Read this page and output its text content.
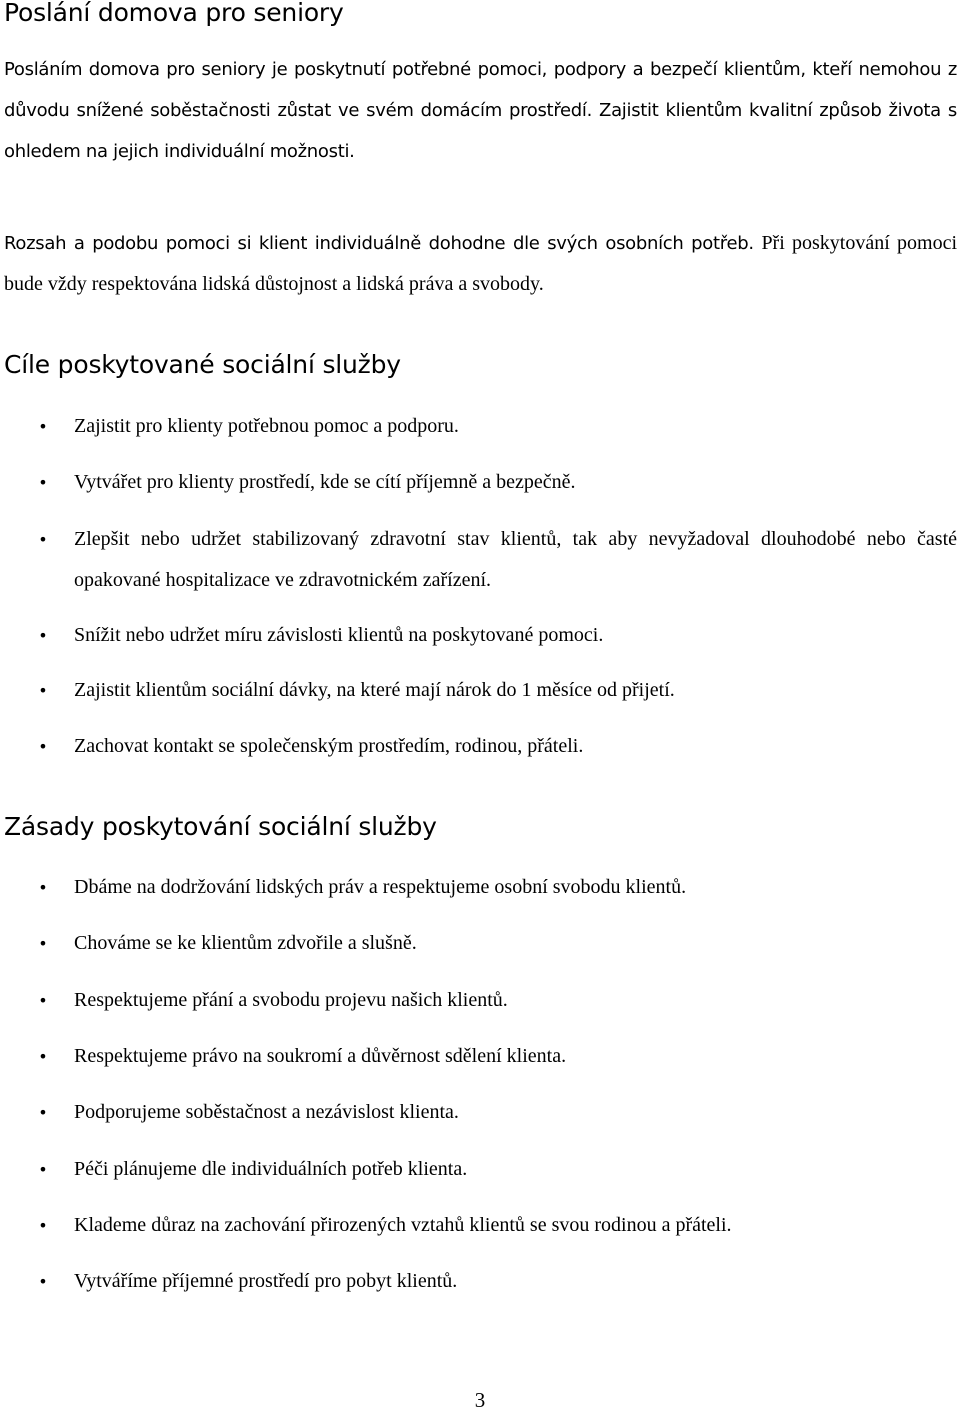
Poslání domova pro seniory

Posláním domova pro seniory je poskytnutí potřebné pomoci, podpory a bezpečí klientům, kteří nemohou z důvodu snížené soběstačnosti zůstat ve svém domácím prostředí. Zajistit klientům kvalitní způsob života s ohledem na jejich individuální možnosti.

Rozsah a podobu pomoci si klient individuálně dohodne dle svých osobních potřeb. Při poskytování pomoci bude vždy respektována lidská důstojnost a lidská práva a svobody.

Cíle poskytované sociální služby
• Zajistit pro klienty potřebnou pomoc a podporu.
• Vytvářet pro klienty prostředí, kde se cítí příjemně a bezpečně.
• Zlepšit nebo udržet stabilizovaný zdravotní stav klientů, tak aby nevyžadoval dlouhodobé nebo časté opakované hospitalizace ve zdravotnickém zařízení.
• Snížit nebo udržet míru závislosti klientů na poskytované pomoci.
• Zajistit klientům sociální dávky, na které mají nárok do 1 měsíce od přijetí.
• Zachovat kontakt se společenským prostředím, rodinou, přáteli.
Zásady poskytování sociální služby
• Dbáme na dodržování lidských práv a respektujeme osobní svobodu klientů.
• Chováme se ke klientům zdvořile a slušně.
• Respektujeme přání a svobodu projevu našich klientů.
• Respektujeme právo na soukromí a důvěrnost sdělení klienta.
• Podporujeme soběstačnost a nezávislost klienta.
• Péči plánujeme dle individuálních potřeb klienta.
• Klademe důraz na zachování přirozených vztahů klientů se svou rodinou a přáteli.
• Vytváříme příjemné prostředí pro pobyt klientů.
3
